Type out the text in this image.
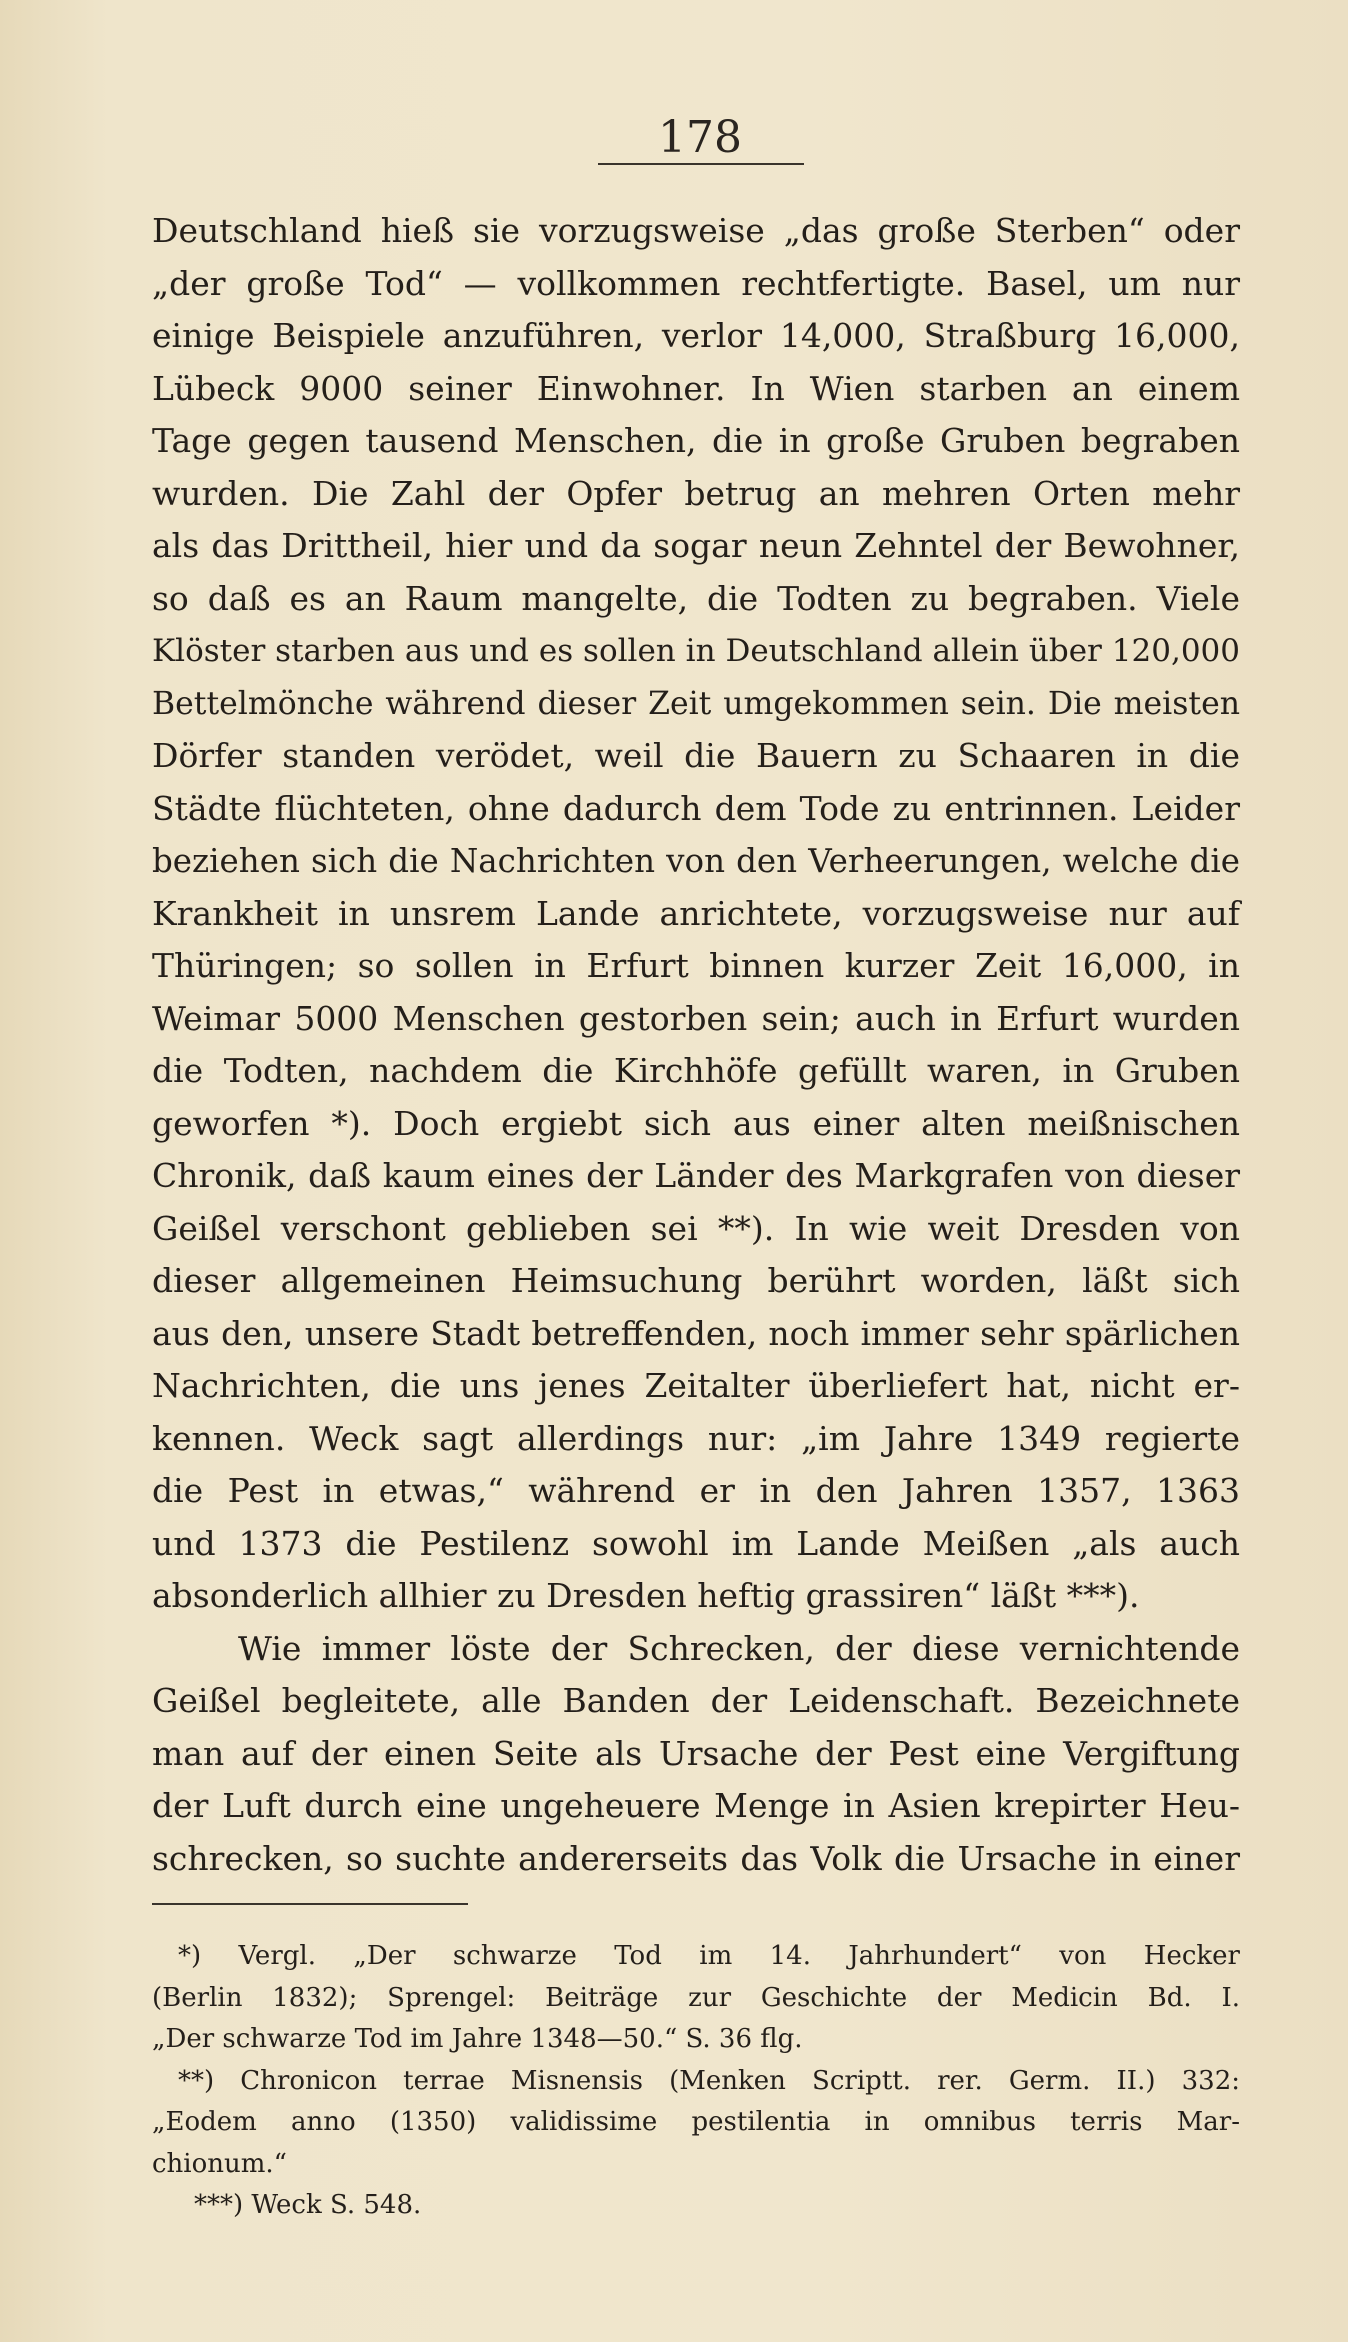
178
Deutschland hieß sie vorzugsweise „das große Sterben“ oder
„der große Tod“ — vollkommen rechtfertigte. Basel, um nur
einige Beispiele anzuführen, verlor 14,000, Straßburg 16,000,
Lübeck 9000 seiner Einwohner. In Wien starben an einem
Tage gegen tausend Menschen, die in große Gruben begraben
wurden. Die Zahl der Opfer betrug an mehren Orten mehr
als das Drittheil, hier und da sogar neun Zehntel der Bewohner,
so daß es an Raum mangelte, die Todten zu begraben. Viele
Klöster starben aus und es sollen in Deutschland allein über 120,000
Bettelmönche während dieser Zeit umgekommen sein. Die meisten
Dörfer standen verödet, weil die Bauern zu Schaaren in die
Städte flüchteten, ohne dadurch dem Tode zu entrinnen. Leider
beziehen sich die Nachrichten von den Verheerungen, welche die
Krankheit in unsrem Lande anrichtete, vorzugsweise nur auf
Thüringen; so sollen in Erfurt binnen kurzer Zeit 16,000, in
Weimar 5000 Menschen gestorben sein; auch in Erfurt wurden
die Todten, nachdem die Kirchhöfe gefüllt waren, in Gruben
geworfen *). Doch ergiebt sich aus einer alten meißnischen
Chronik, daß kaum eines der Länder des Markgrafen von dieser
Geißel verschont geblieben sei **). In wie weit Dresden von
dieser allgemeinen Heimsuchung berührt worden, läßt sich
aus den, unsere Stadt betreffenden, noch immer sehr spärlichen
Nachrichten, die uns jenes Zeitalter überliefert hat, nicht er-
kennen. Weck sagt allerdings nur: „im Jahre 1349 regierte
die Pest in etwas,“ während er in den Jahren 1357, 1363
und 1373 die Pestilenz sowohl im Lande Meißen „als auch
absonderlich allhier zu Dresden heftig grassiren“ läßt ***).
Wie immer löste der Schrecken, der diese vernichtende
Geißel begleitete, alle Banden der Leidenschaft. Bezeichnete
man auf der einen Seite als Ursache der Pest eine Vergiftung
der Luft durch eine ungeheuere Menge in Asien krepirter Heu-
schrecken, so suchte andererseits das Volk die Ursache in einer
*) Vergl. „Der schwarze Tod im 14. Jahrhundert“ von Hecker
(Berlin 1832); Sprengel: Beiträge zur Geschichte der Medicin Bd. I.
„Der schwarze Tod im Jahre 1348—50.“ S. 36 flg.
**) Chronicon terrae Misnensis (Menken Scriptt. rer. Germ. II.) 332:
„Eodem anno (1350) validissime pestilentia in omnibus terris Mar-
chionum.“
***) Weck S. 548.
